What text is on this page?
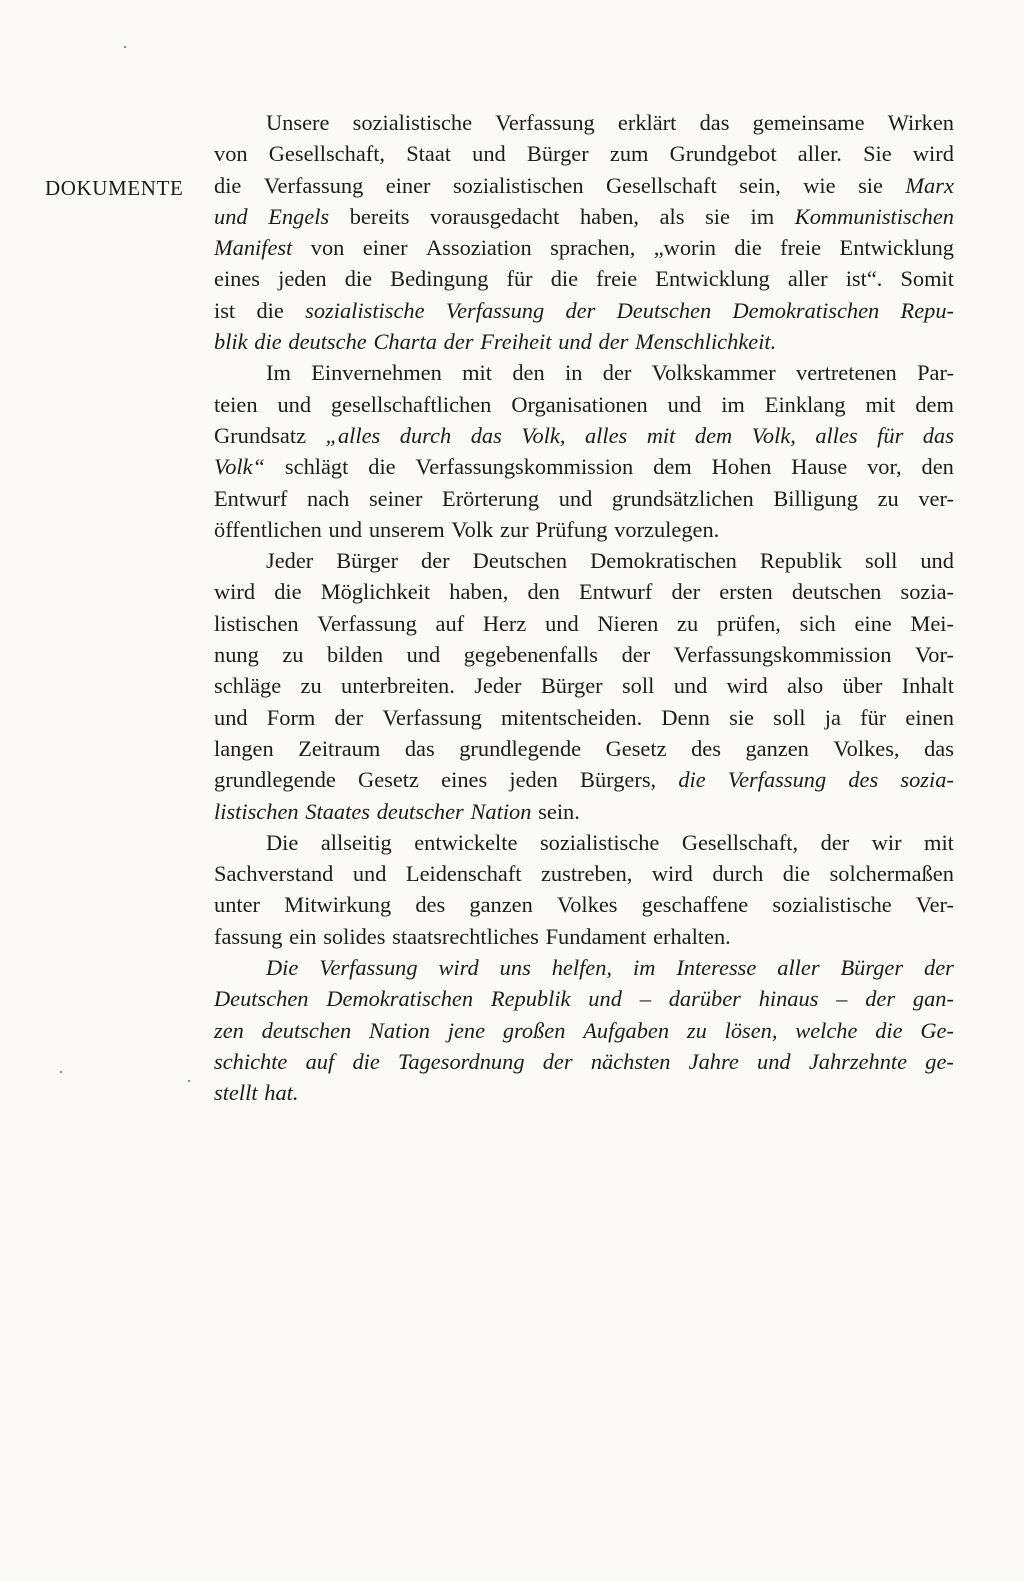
DOKUMENTE
Unsere sozialistische Verfassung erklärt das gemeinsame Wirken
von Gesellschaft, Staat und Bürger zum Grundgebot aller. Sie wird
die Verfassung einer sozialistischen Gesellschaft sein, wie sie Marx
und Engels bereits vorausgedacht haben, als sie im Kommunistischen
Manifest von einer Assoziation sprachen, „worin die freie Entwicklung
eines jeden die Bedingung für die freie Entwicklung aller ist“. Somit
ist die sozialistische Verfassung der Deutschen Demokratischen Repu-
blik die deutsche Charta der Freiheit und der Menschlichkeit.
Im Einvernehmen mit den in der Volkskammer vertretenen Par-
teien und gesellschaftlichen Organisationen und im Einklang mit dem
Grundsatz „alles durch das Volk, alles mit dem Volk, alles für das
Volk“ schlägt die Verfassungskommission dem Hohen Hause vor, den
Entwurf nach seiner Erörterung und grundsätzlichen Billigung zu ver-
öffentlichen und unserem Volk zur Prüfung vorzulegen.
Jeder Bürger der Deutschen Demokratischen Republik soll und
wird die Möglichkeit haben, den Entwurf der ersten deutschen sozia-
listischen Verfassung auf Herz und Nieren zu prüfen, sich eine Mei-
nung zu bilden und gegebenenfalls der Verfassungskommission Vor-
schläge zu unterbreiten. Jeder Bürger soll und wird also über Inhalt
und Form der Verfassung mitentscheiden. Denn sie soll ja für einen
langen Zeitraum das grundlegende Gesetz des ganzen Volkes, das
grundlegende Gesetz eines jeden Bürgers, die Verfassung des sozia-
listischen Staates deutscher Nation sein.
Die allseitig entwickelte sozialistische Gesellschaft, der wir mit
Sachverstand und Leidenschaft zustreben, wird durch die solchermaßen
unter Mitwirkung des ganzen Volkes geschaffene sozialistische Ver-
fassung ein solides staatsrechtliches Fundament erhalten.
Die Verfassung wird uns helfen, im Interesse aller Bürger der
Deutschen Demokratischen Republik und – darüber hinaus – der gan-
zen deutschen Nation jene großen Aufgaben zu lösen, welche die Ge-
schichte auf die Tagesordnung der nächsten Jahre und Jahrzehnte ge-
stellt hat.
